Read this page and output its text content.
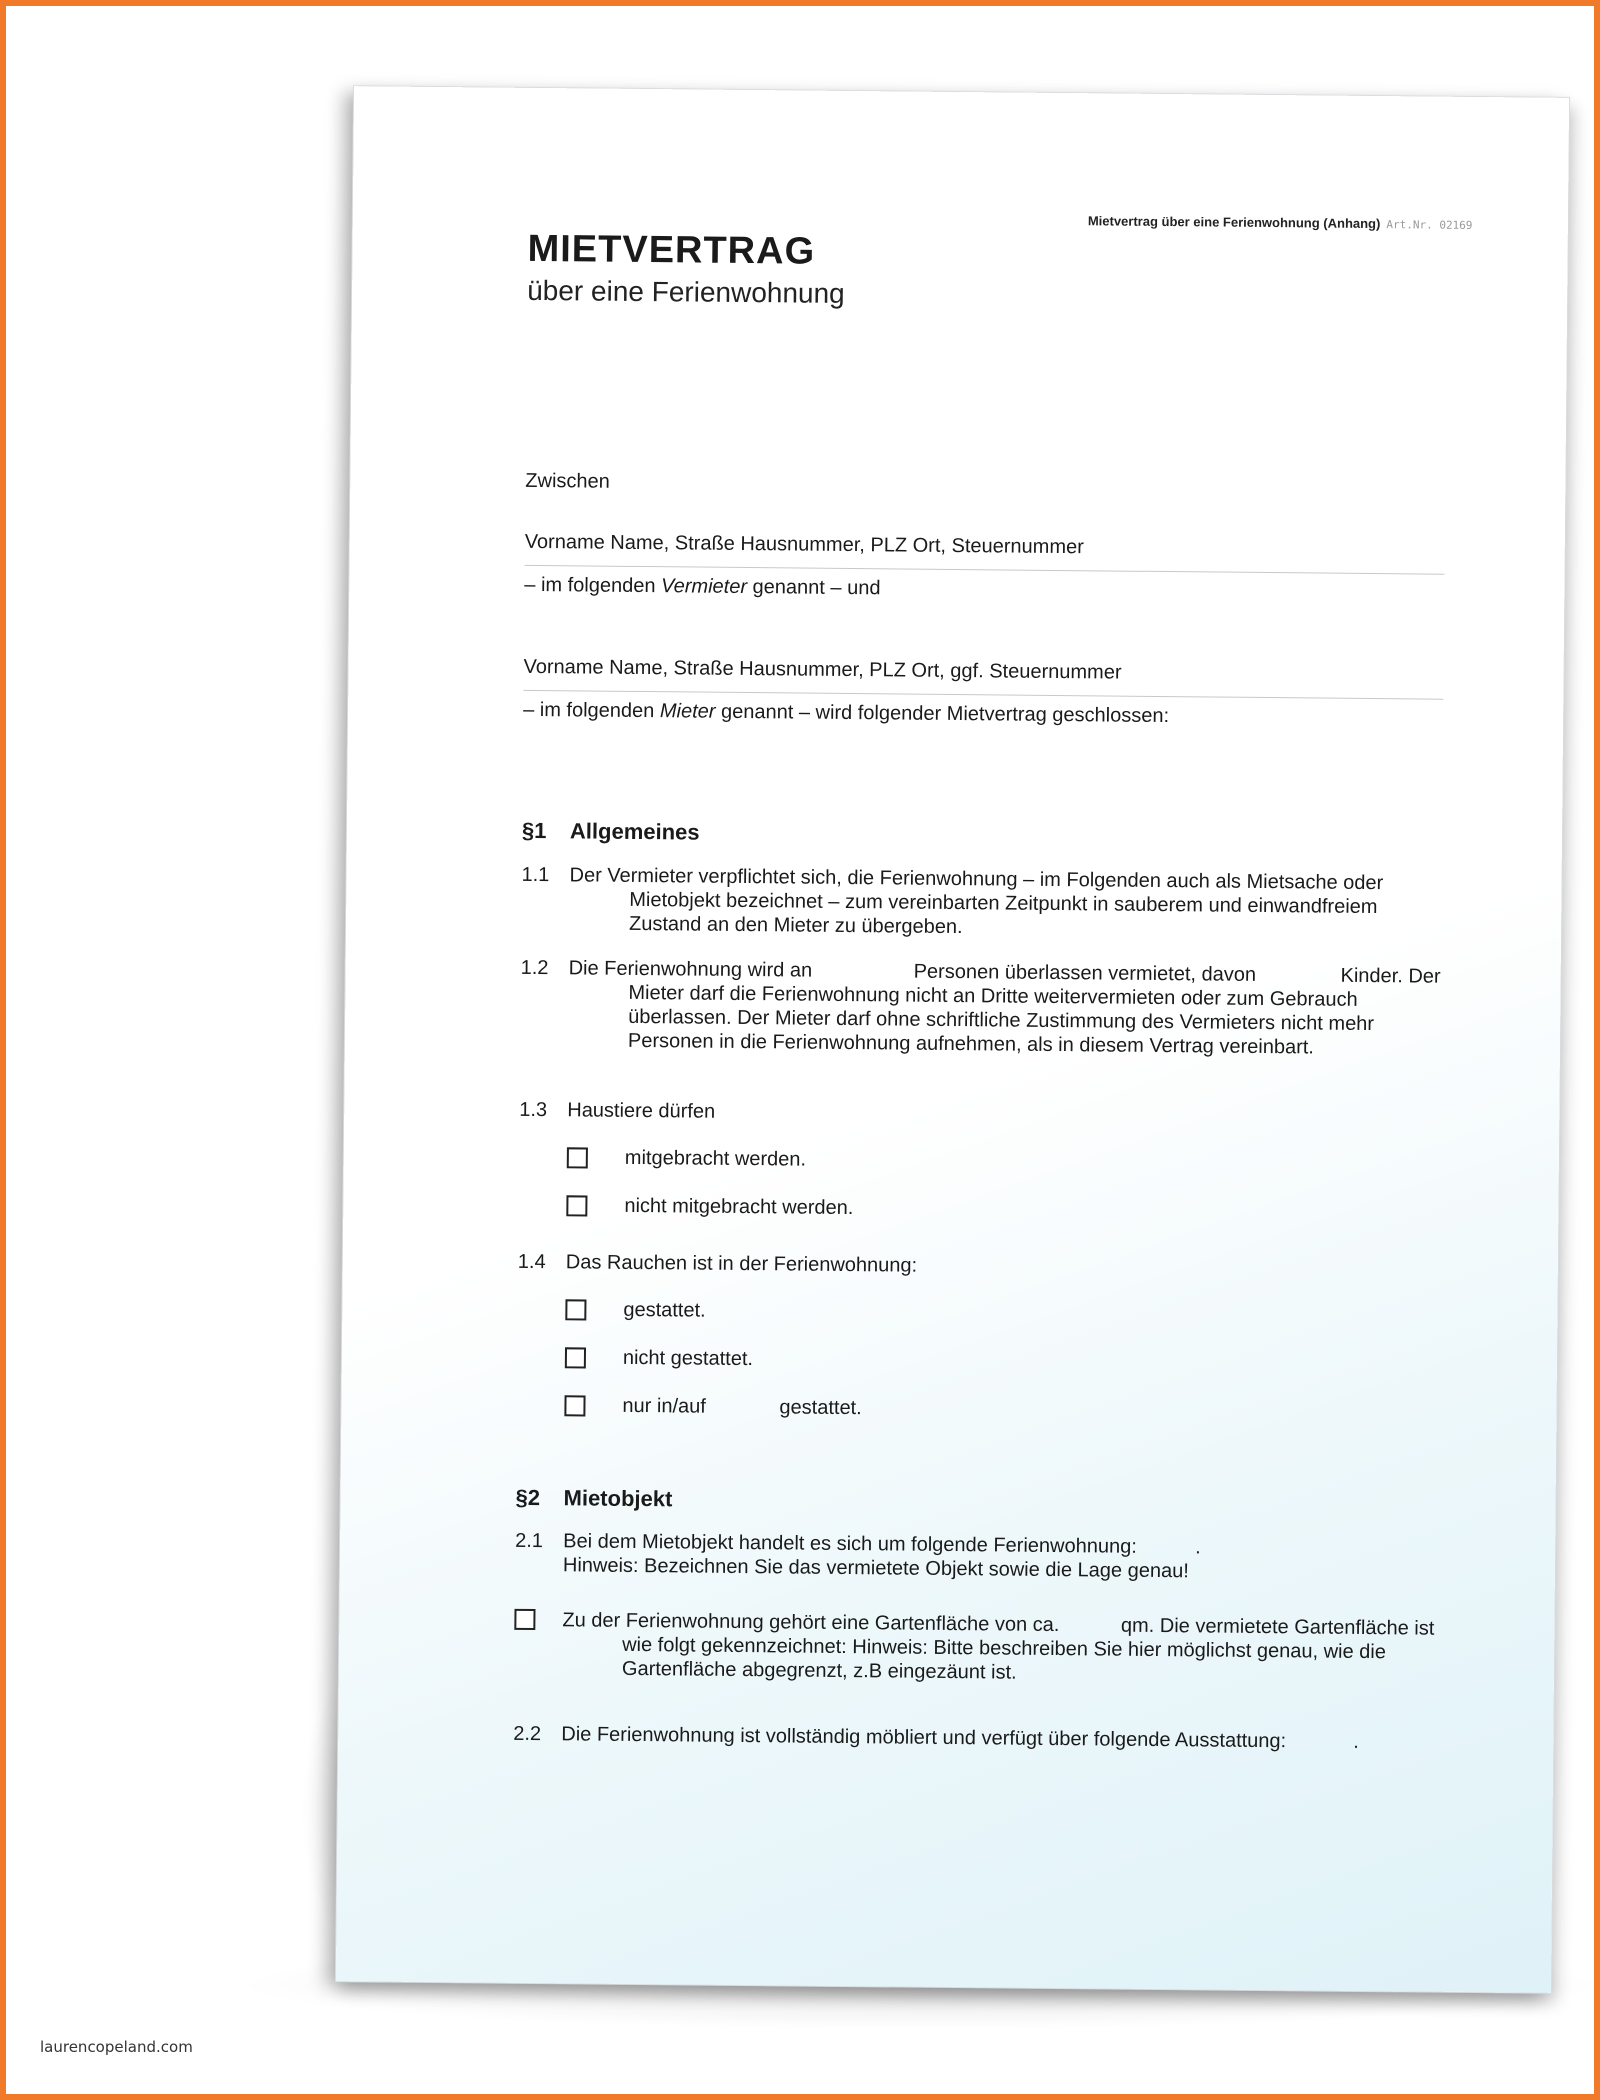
Mietvertrag über eine Ferienwohnung (Anhang) Art.Nr. 02169
MIETVERTRAG
über eine Ferienwohnung
Zwischen
Vorname Name, Straße Hausnummer, PLZ Ort, Steuernummer
– im folgenden Vermieter genannt – und
Vorname Name, Straße Hausnummer, PLZ Ort, ggf. Steuernummer
– im folgenden Mieter genannt – wird folgender Mietvertrag geschlossen:
§1 Allgemeines
1.1 Der Vermieter verpflichtet sich, die Ferienwohnung – im Folgenden auch als Mietsache oder
Mietobjekt bezeichnet – zum vereinbarten Zeitpunkt in sauberem und einwandfreiem
Zustand an den Mieter zu übergeben.
1.2 Die Ferienwohnung wird an	Personen überlassen vermietet, davon	Kinder. Der
Mieter darf die Ferienwohnung nicht an Dritte weitervermieten oder zum Gebrauch
überlassen. Der Mieter darf ohne schriftliche Zustimmung des Vermieters nicht mehr
Personen in die Ferienwohnung aufnehmen, als in diesem Vertrag vereinbart.
1.3 Haustiere dürfen
mitgebracht werden.
nicht mitgebracht werden.
1.4 Das Rauchen ist in der Ferienwohnung:
gestattet.
nicht gestattet.
nur in/auf	gestattet.
§2 Mietobjekt
2.1 Bei dem Mietobjekt handelt es sich um folgende Ferienwohnung:	.
Hinweis: Bezeichnen Sie das vermietete Objekt sowie die Lage genau!
Zu der Ferienwohnung gehört eine Gartenfläche von ca.	qm. Die vermietete Gartenfläche ist
wie folgt gekennzeichnet: Hinweis: Bitte beschreiben Sie hier möglichst genau, wie die
Gartenfläche abgegrenzt, z.B eingezäunt ist.
2.2 Die Ferienwohnung ist vollständig möbliert und verfügt über folgende Ausstattung:	.
laurencopeland.com
